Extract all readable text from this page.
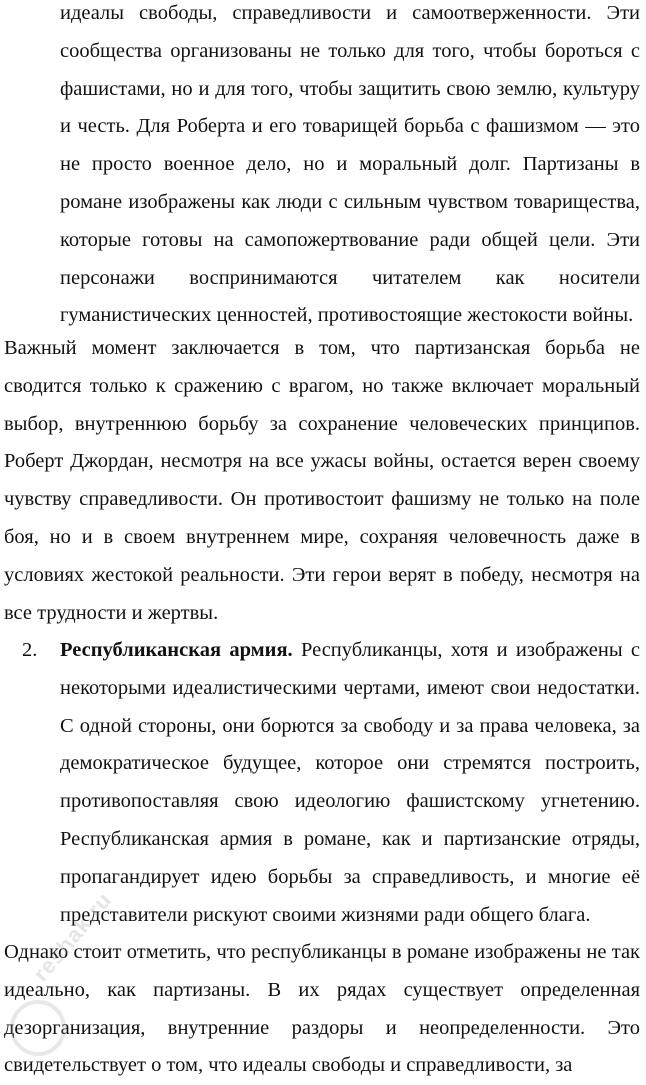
идеалы свободы, справедливости и самоотверженности. Эти сообщества организованы не только для того, чтобы бороться с фашистами, но и для того, чтобы защитить свою землю, культуру и честь. Для Роберта и его товарищей борьба с фашизмом — это не просто военное дело, но и моральный долг. Партизаны в романе изображены как люди с сильным чувством товарищества, которые готовы на самопожертвование ради общей цели. Эти персонажи воспринимаются читателем как носители гуманистических ценностей, противостоящие жестокости войны.

Важный момент заключается в том, что партизанская борьба не сводится только к сражению с врагом, но также включает моральный выбор, внутреннюю борьбу за сохранение человеческих принципов. Роберт Джордан, несмотря на все ужасы войны, остается верен своему чувству справедливости. Он противостоит фашизму не только на поле боя, но и в своем внутреннем мире, сохраняя человечность даже в условиях жестокой реальности. Эти герои верят в победу, несмотря на все трудности и жертвы.

2. Республиканская армия. Республиканцы, хотя и изображены с некоторыми идеалистическими чертами, имеют свои недостатки. С одной стороны, они борются за свободу и за права человека, за демократическое будущее, которое они стремятся построить, противопоставляя свою идеологию фашистскому угнетению. Республиканская армия в романе, как и партизанские отряды, пропагандирует идею борьбы за справедливость, и многие её представители рискуют своими жизнями ради общего блага.

Однако стоит отметить, что республиканцы в романе изображены не так идеально, как партизаны. В их рядах существует определенная дезорганизация, внутренние раздоры и неопределенности. Это свидетельствует о том, что идеалы свободы и справедливости, за

reshak.ru
